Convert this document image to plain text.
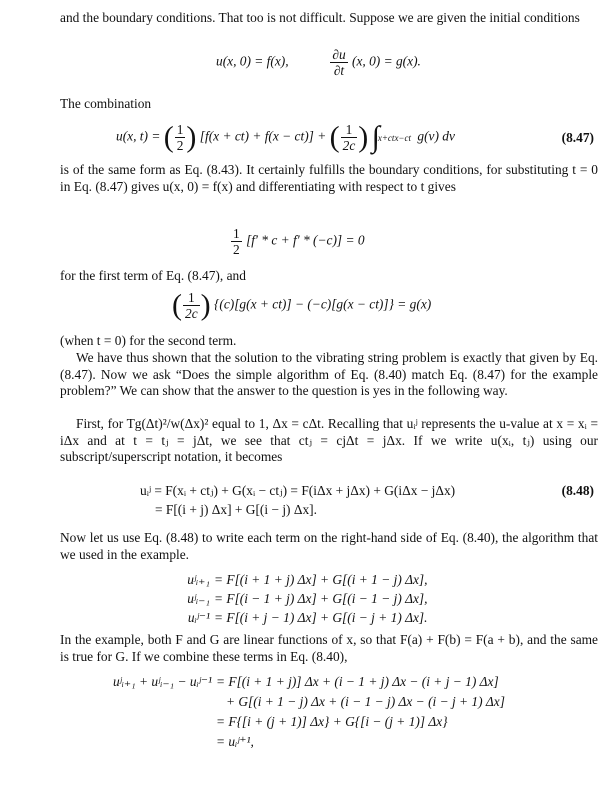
and the boundary conditions. That too is not difficult. Suppose we are given the initial conditions
u(x, 0) = f(x),	$\frac{\partial u}{\partial t} (x$, 0) = g(x).
The combination
u(x, t) = ( $\frac{1}{2}$ ) [f(x + ct) + f(x − ct)] + ( $\frac{1}{2c}$ ) ∫x+ctx−ct g(v) dv	(8.47)
is of the same form as Eq. (8.43). It certainly fulfills the boundary conditions, for substituting t = 0 in Eq. (8.47) gives u(x, 0) = f(x) and differentiating with respect to t gives
$\frac{1}{2} [f' * c + f' * (-c)] = 0$
for the first term of Eq. (8.47), and
( $\frac{1}{2c}$ ) {(c)[g(x + ct)] − (−c)[g(x − ct)]} = g(x)
(when t = 0) for the second term.
We have thus shown that the solution to the vibrating string problem is exactly that given by Eq. (8.47). Now we ask “Does the simple algorithm of Eq. (8.40) match Eq. (8.47) for the example problem?” We can show that the answer to the question is yes in the following way.
First, for Tg(Δt)²/w(Δx)² equal to 1, Δx = cΔt. Recalling that uᵢʲ represents the u-value at x = xᵢ = iΔx and at t = tⱼ = jΔt, we see that ctⱼ = cjΔt = jΔx. If we write u(xᵢ, tⱼ) using our subscript/superscript notation, it becomes
uᵢʲ = F(xᵢ + ctⱼ) + G(xᵢ − ctⱼ) = F(iΔx + jΔx) + G(iΔx − jΔx)
= F[(i + j) Δx] + G[(i − j) Δx].
(8.48)
Now let us use Eq. (8.48) to write each term on the right-hand side of Eq. (8.40), the algorithm that we used in the example.
uʲᵢ₊₁ = F[(i + 1 + j) Δx] + G[(i + 1 − j) Δx],
uʲᵢ₋₁ = F[(i − 1 + j) Δx] + G[(i − 1 − j) Δx],
uᵢʲ⁻¹ = F[(i + j − 1) Δx] + G[(i − j + 1) Δx].
In the example, both F and G are linear functions of x, so that F(a) + F(b) = F(a + b), and the same is true for G. If we combine these terms in Eq. (8.40),
uʲᵢ₊₁ + uʲᵢ₋₁ − uᵢʲ⁻¹ = F[(i + 1 + j)] Δx + (i − 1 + j) Δx − (i + j − 1) Δx]
+ G[(i + 1 − j) Δx + (i − 1 − j) Δx − (i − j + 1) Δx]
= F{[i + (j + 1)] Δx} + G{[i − (j + 1)] Δx}
= uᵢʲ⁺¹,
